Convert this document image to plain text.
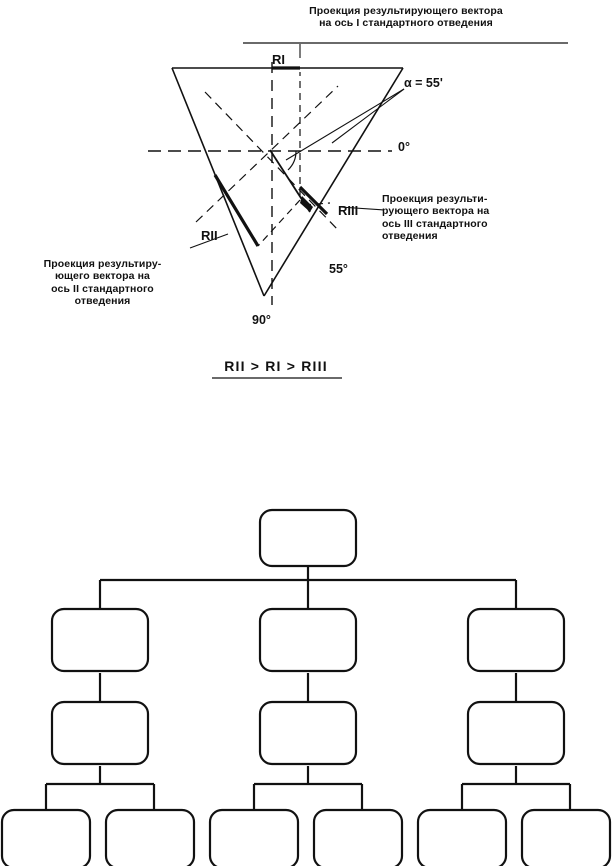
Проекция результирующего вектора
на ось I стандартного отведения
Проекция результи-
рующего вектора на
ось III стандартного
отведения
Проекция результиру-
ющего вектора на
ось II стандартного
отведения
RI
RII
RIII
α = 55'
0°
55°
90°
RII > RI > RIII
